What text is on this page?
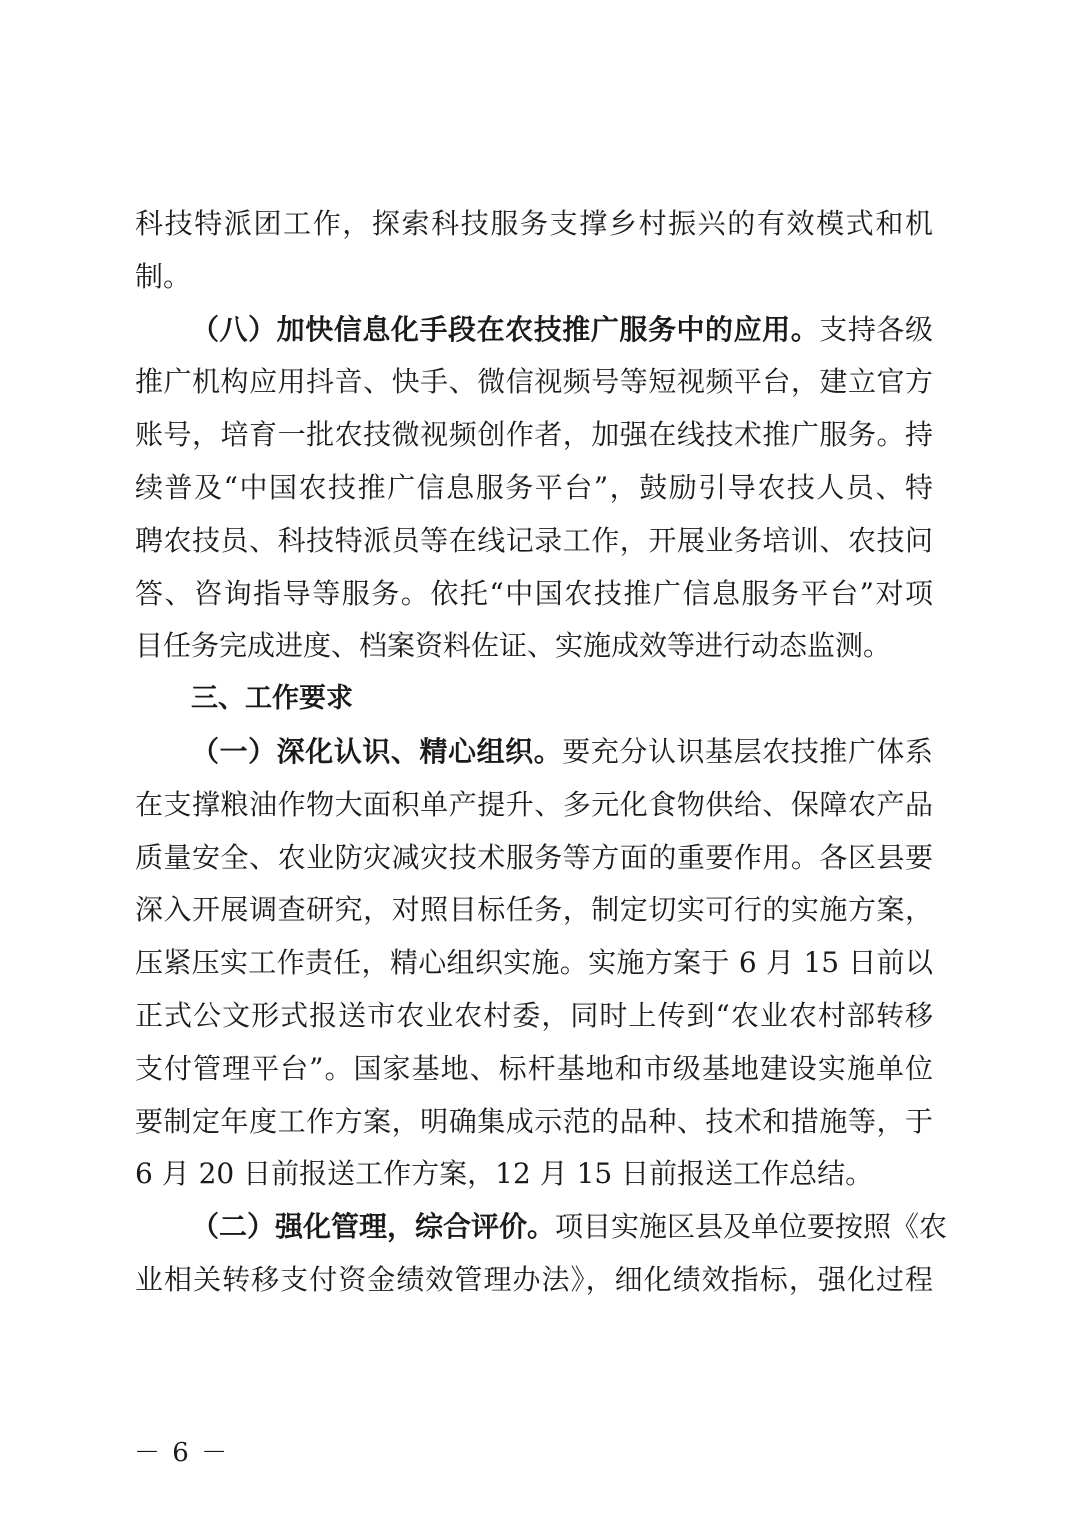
科技特派团工作，探索科技服务支撑乡村振兴的有效模式和机
制。
（八）加快信息化手段在农技推广服务中的应用。支持各级
推广机构应用抖音、快手、微信视频号等短视频平台，建立官方
账号，培育一批农技微视频创作者，加强在线技术推广服务。持
续普及“中国农技推广信息服务平台”，鼓励引导农技人员、特
聘农技员、科技特派员等在线记录工作，开展业务培训、农技问
答、咨询指导等服务。依托“中国农技推广信息服务平台”对项
目任务完成进度、档案资料佐证、实施成效等进行动态监测。
三、工作要求
（一）深化认识、精心组织。要充分认识基层农技推广体系
在支撑粮油作物大面积单产提升、多元化食物供给、保障农产品
质量安全、农业防灾减灾技术服务等方面的重要作用。各区县要
深入开展调查研究，对照目标任务，制定切实可行的实施方案，
压紧压实工作责任，精心组织实施。实施方案于 6 月 15 日前以
正式公文形式报送市农业农村委，同时上传到“农业农村部转移
支付管理平台”。国家基地、标杆基地和市级基地建设实施单位
要制定年度工作方案，明确集成示范的品种、技术和措施等，于
6 月 20 日前报送工作方案，12 月 15 日前报送工作总结。
（二）强化管理，综合评价。项目实施区县及单位要按照《农
业相关转移支付资金绩效管理办法》，细化绩效指标，强化过程
－ 6 －
